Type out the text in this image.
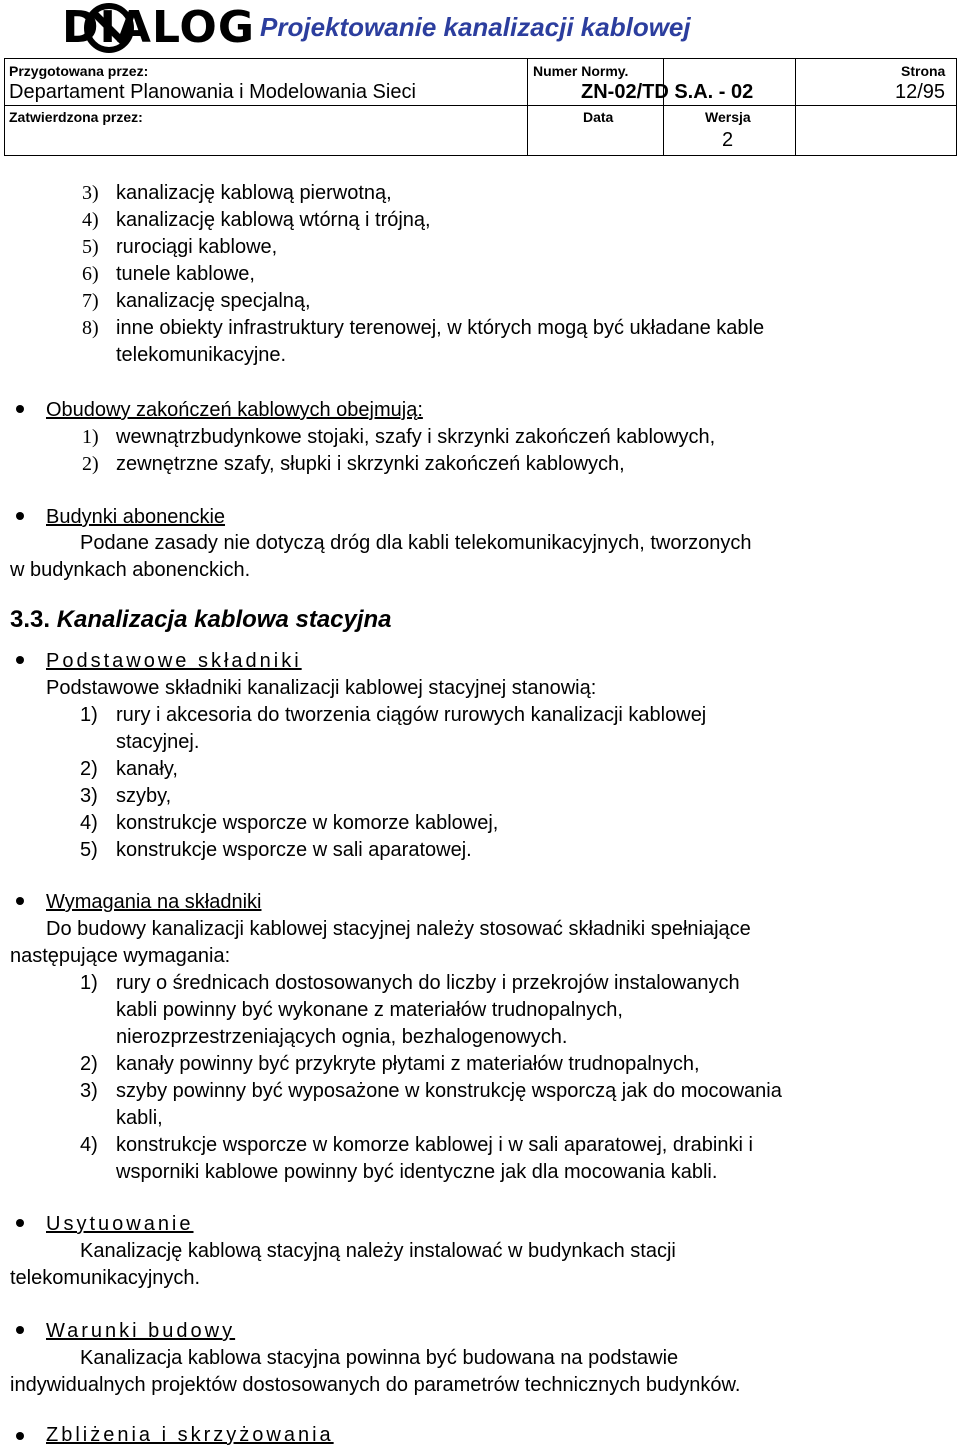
DIALOG Projektowanie kanalizacji kablowej
Przygotowana przez:
Departament Planowania i Modelowania Sieci
Numer Normy.
ZN-02/TD S.A. - 02
Strona
12/95
Zatwierdzona przez:	Data	Wersja
2
3) kanalizację kablową pierwotną,
4) kanalizację kablową wtórną i trójną,
5) rurociągi kablowe,
6) tunele kablowe,
7) kanalizację specjalną,
8) inne obiekty infrastruktury terenowej, w których mogą być układane kable
telekomunikacyjne.
Obudowy zakończeń kablowych obejmują:
1) wewnątrzbudynkowe stojaki, szafy i skrzynki zakończeń kablowych,
2) zewnętrzne szafy, słupki i skrzynki zakończeń kablowych,
Budynki abonenckie
Podane zasady nie dotyczą dróg dla kabli telekomunikacyjnych, tworzonych
w budynkach abonenckich.
3.3. Kanalizacja kablowa stacyjna
Podstawowe składniki
Podstawowe składniki kanalizacji kablowej stacyjnej stanowią:
1) rury i akcesoria do tworzenia ciągów rurowych kanalizacji kablowej
stacyjnej.
2) kanały,
3) szyby,
4) konstrukcje wsporcze w komorze kablowej,
5) konstrukcje wsporcze w sali aparatowej.
Wymagania na składniki
Do budowy kanalizacji kablowej stacyjnej należy stosować składniki spełniające
następujące wymagania:
1) rury o średnicach dostosowanych do liczby i przekrojów instalowanych
kabli powinny być wykonane z materiałów trudnopalnych,
nierozprzestrzeniających ognia, bezhalogenowych.
2) kanały powinny być przykryte płytami z materiałów trudnopalnych,
3) szyby powinny być wyposażone w konstrukcję wsporczą jak do mocowania
kabli,
4) konstrukcje wsporcze w komorze kablowej i w sali aparatowej, drabinki i
wsporniki kablowe powinny być identyczne jak dla mocowania kabli.
Usytuowanie
Kanalizację kablową stacyjną należy instalować w budynkach stacji
telekomunikacyjnych.
Warunki budowy
Kanalizacja kablowa stacyjna powinna być budowana na podstawie
indywidualnych projektów dostosowanych do parametrów technicznych budynków.
Zbliżenia i skrzyżowania
